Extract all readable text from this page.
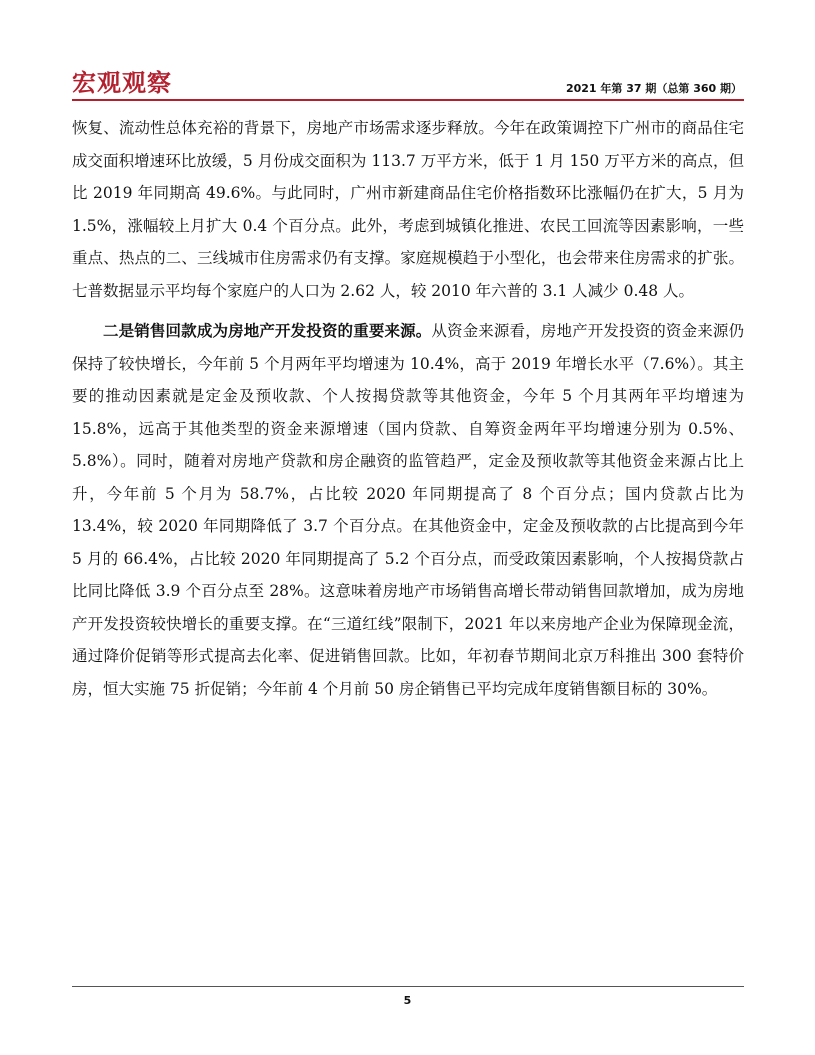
宏观观察	2021 年第 37 期（总第 360 期）

恢复、流动性总体充裕的背景下，房地产市场需求逐步释放。今年在政策调控下广州市的商品住宅成交面积增速环比放缓，5 月份成交面积为 113.7 万平方米，低于 1 月 150 万平方米的高点，但比 2019 年同期高 49.6%。与此同时，广州市新建商品住宅价格指数环比涨幅仍在扩大，5 月为 1.5%，涨幅较上月扩大 0.4 个百分点。此外，考虑到城镇化推进、农民工回流等因素影响，一些重点、热点的二、三线城市住房需求仍有支撑。家庭规模趋于小型化，也会带来住房需求的扩张。七普数据显示平均每个家庭户的人口为 2.62 人，较 2010 年六普的 3.1 人减少 0.48 人。

二是销售回款成为房地产开发投资的重要来源。从资金来源看，房地产开发投资的资金来源仍保持了较快增长，今年前 5 个月两年平均增速为 10.4%，高于 2019 年增长水平（7.6%）。其主要的推动因素就是定金及预收款、个人按揭贷款等其他资金，今年 5 个月其两年平均增速为 15.8%，远高于其他类型的资金来源增速（国内贷款、自筹资金两年平均增速分别为 0.5%、5.8%）。同时，随着对房地产贷款和房企融资的监管趋严，定金及预收款等其他资金来源占比上升，今年前 5 个月为 58.7%，占比较 2020 年同期提高了 8 个百分点；国内贷款占比为 13.4%，较 2020 年同期降低了 3.7 个百分点。在其他资金中，定金及预收款的占比提高到今年 5 月的 66.4%，占比较 2020 年同期提高了 5.2 个百分点，而受政策因素影响，个人按揭贷款占比同比降低 3.9 个百分点至 28%。这意味着房地产市场销售高增长带动销售回款增加，成为房地产开发投资较快增长的重要支撑。在“三道红线”限制下，2021 年以来房地产企业为保障现金流，通过降价促销等形式提高去化率、促进销售回款。比如，年初春节期间北京万科推出 300 套特价房，恒大实施 75 折促销；今年前 4 个月前 50 房企销售已平均完成年度销售额目标的 30%。

5
